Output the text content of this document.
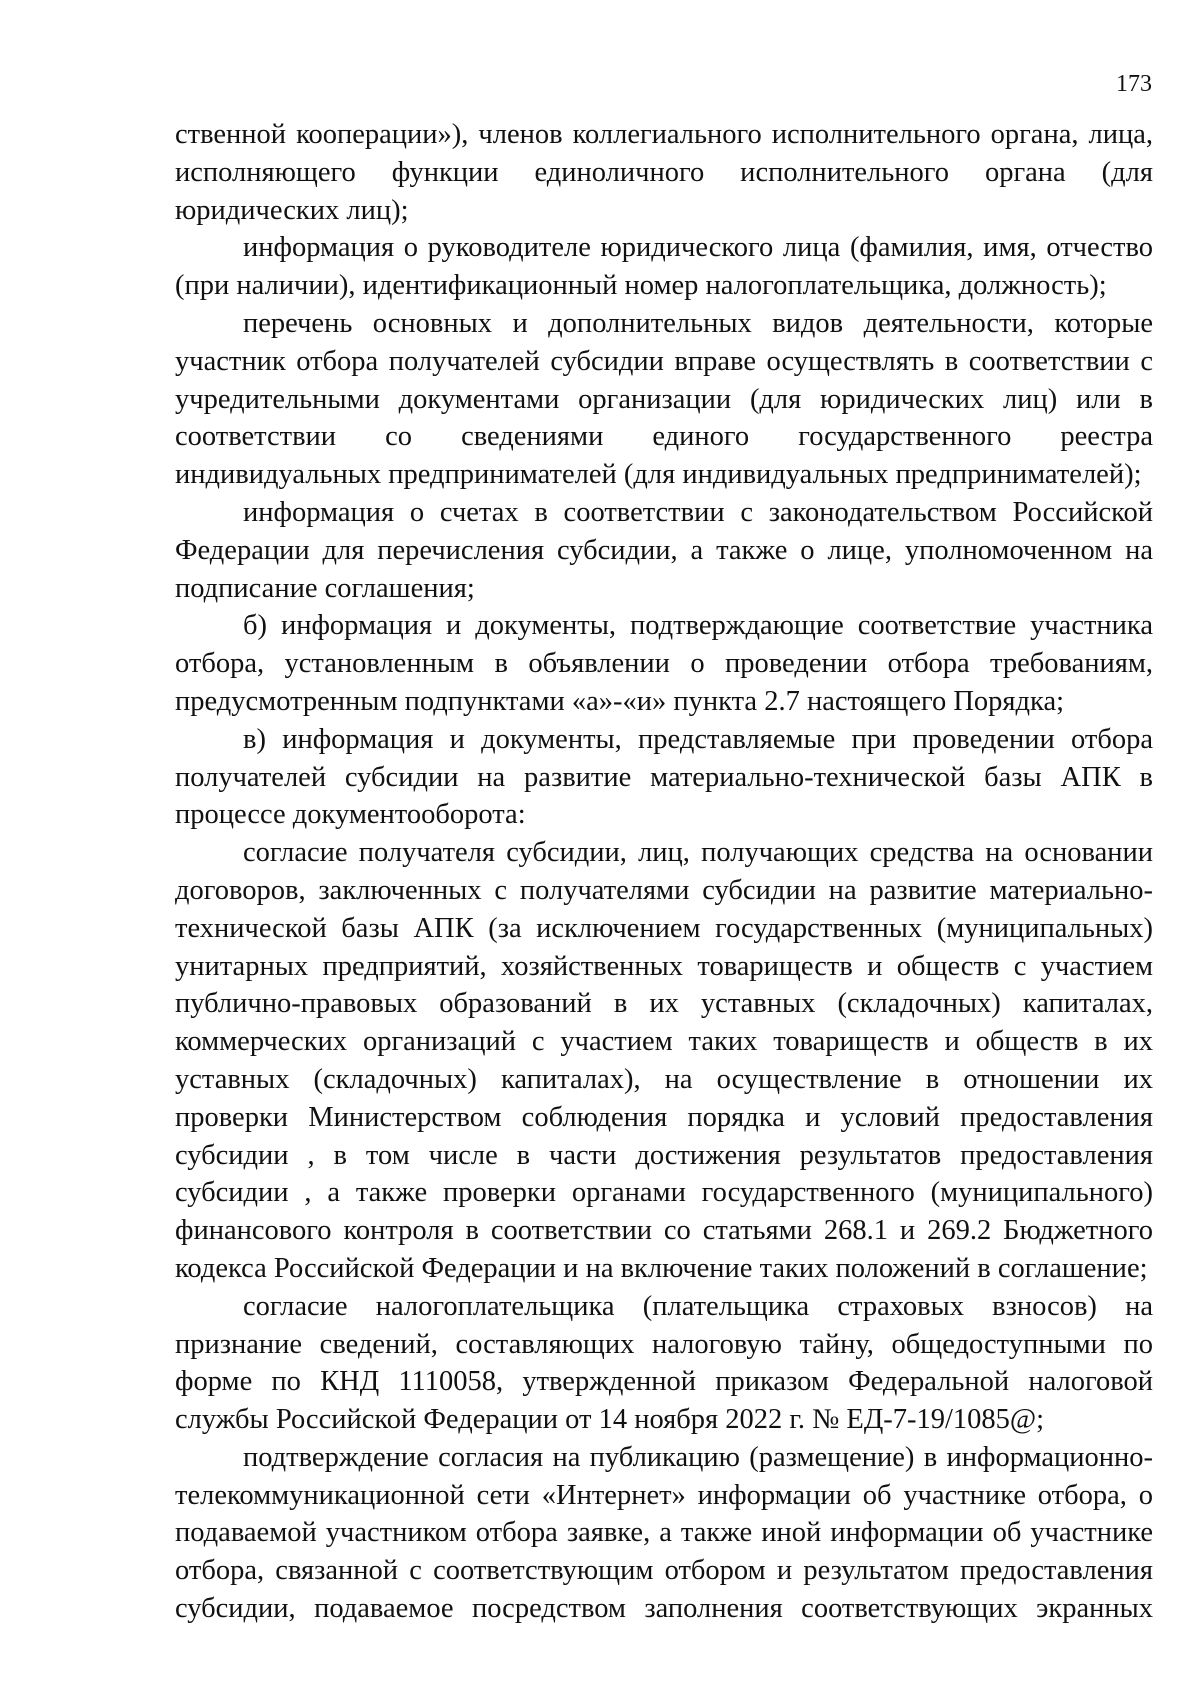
173

ственной кооперации»), членов коллегиального исполнительного органа, лица, исполняющего функции единоличного исполнительного органа (для юридических лиц);

информация о руководителе юридического лица (фамилия, имя, отчество (при наличии), идентификационный номер налогоплательщика, должность);

перечень основных и дополнительных видов деятельности, которые участник отбора получателей субсидии вправе осуществлять в соответствии с учредительными документами организации (для юридических лиц) или в соответствии со сведениями единого государственного реестра индивидуальных предпринимателей (для индивидуальных предпринимателей);

информация о счетах в соответствии с законодательством Российской Федерации для перечисления субсидии, а также о лице, уполномоченном на подписание соглашения;

б) информация и документы, подтверждающие соответствие участника отбора, установленным в объявлении о проведении отбора требованиям, предусмотренным подпунктами «а»-«и» пункта 2.7 настоящего Порядка;

в) информация и документы, представляемые при проведении отбора получателей субсидии на развитие материально-технической базы АПК в процессе документооборота:

согласие получателя субсидии, лиц, получающих средства на основании договоров, заключенных с получателями субсидии на развитие материально-технической базы АПК (за исключением государственных (муниципальных) унитарных предприятий, хозяйственных товариществ и обществ с участием публично-правовых образований в их уставных (складочных) капиталах, коммерческих организаций с участием таких товариществ и обществ в их уставных (складочных) капиталах), на осуществление в отношении их проверки Министерством соблюдения порядка и условий предоставления субсидии , в том числе в части достижения результатов предоставления субсидии , а также проверки органами государственного (муниципального) финансового контроля в соответствии со статьями 268.1 и 269.2 Бюджетного кодекса Российской Федерации и на включение таких положений в соглашение;

согласие налогоплательщика (плательщика страховых взносов) на признание сведений, составляющих налоговую тайну, общедоступными по форме по КНД 1110058, утвержденной приказом Федеральной налоговой службы Российской Федерации от 14 ноября 2022 г. № ЕД-7-19/1085@;

подтверждение согласия на публикацию (размещение) в информационно-телекоммуникационной сети «Интернет» информации об участнике отбора, о подаваемой участником отбора заявке, а также иной информации об участнике отбора, связанной с соответствующим отбором и результатом предоставления субсидии, подаваемое посредством заполнения соответствующих экранных
